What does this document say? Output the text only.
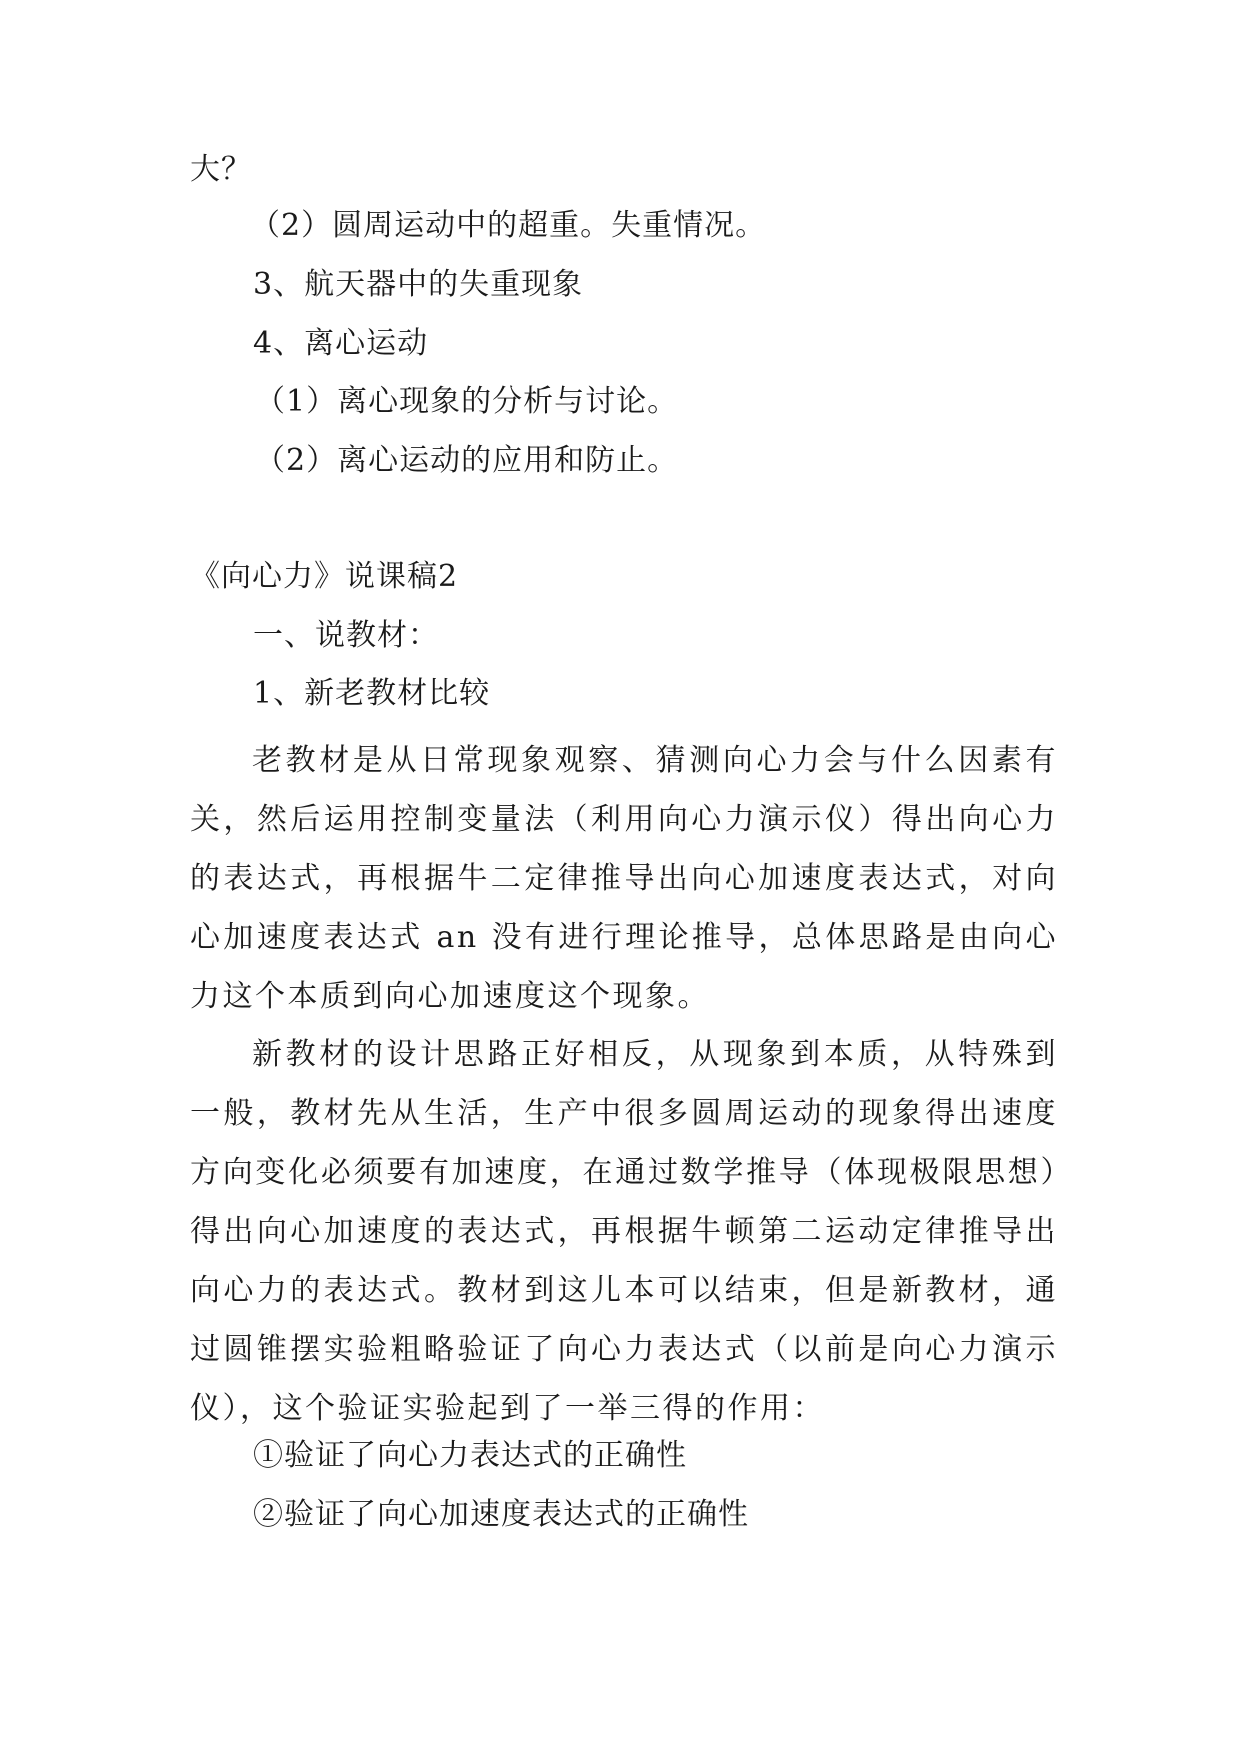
大？
（2）圆周运动中的超重。失重情况。
3、航天器中的失重现象
4、离心运动
（1）离心现象的分析与讨论。
（2）离心运动的应用和防止。
《向心力》说课稿2
一、说教材：
1、新老教材比较
老教材是从日常现象观察、猜测向心力会与什么因素有关，然后运用控制变量法（利用向心力演示仪）得出向心力的表达式，再根据牛二定律推导出向心加速度表达式，对向心加速度表达式 an 没有进行理论推导，总体思路是由向心力这个本质到向心加速度这个现象。
新教材的设计思路正好相反，从现象到本质，从特殊到一般，教材先从生活，生产中很多圆周运动的现象得出速度方向变化必须要有加速度，在通过数学推导（体现极限思想）得出向心加速度的表达式，再根据牛顿第二运动定律推导出向心力的表达式。教材到这儿本可以结束，但是新教材，通过圆锥摆实验粗略验证了向心力表达式（以前是向心力演示仪），这个验证实验起到了一举三得的作用：
①验证了向心力表达式的正确性
②验证了向心加速度表达式的正确性
